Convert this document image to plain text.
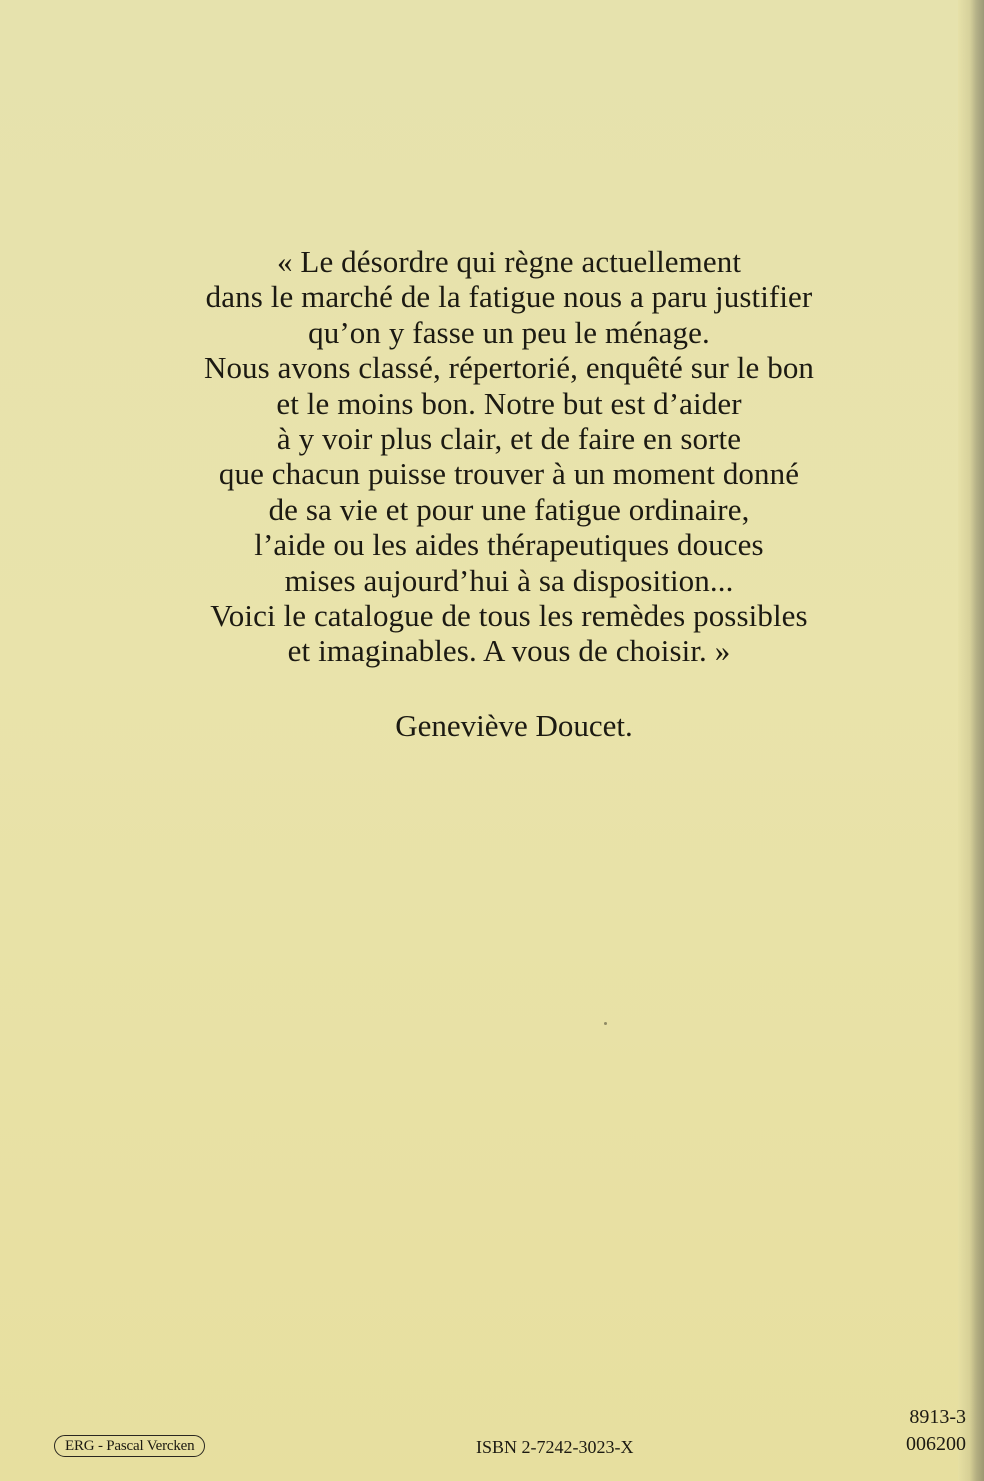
« Le désordre qui règne actuellement
dans le marché de la fatigue nous a paru justifier
qu’on y fasse un peu le ménage.
Nous avons classé, répertorié, enquêté sur le bon
et le moins bon. Notre but est d’aider
à y voir plus clair, et de faire en sorte
que chacun puisse trouver à un moment donné
de sa vie et pour une fatigue ordinaire,
l’aide ou les aides thérapeutiques douces
mises aujourd’hui à sa disposition...
Voici le catalogue de tous les remèdes possibles
et imaginables. A vous de choisir. »
Geneviève Doucet.
ERG - Pascal Vercken	ISBN 2-7242-3023-X
8913-3
006200
